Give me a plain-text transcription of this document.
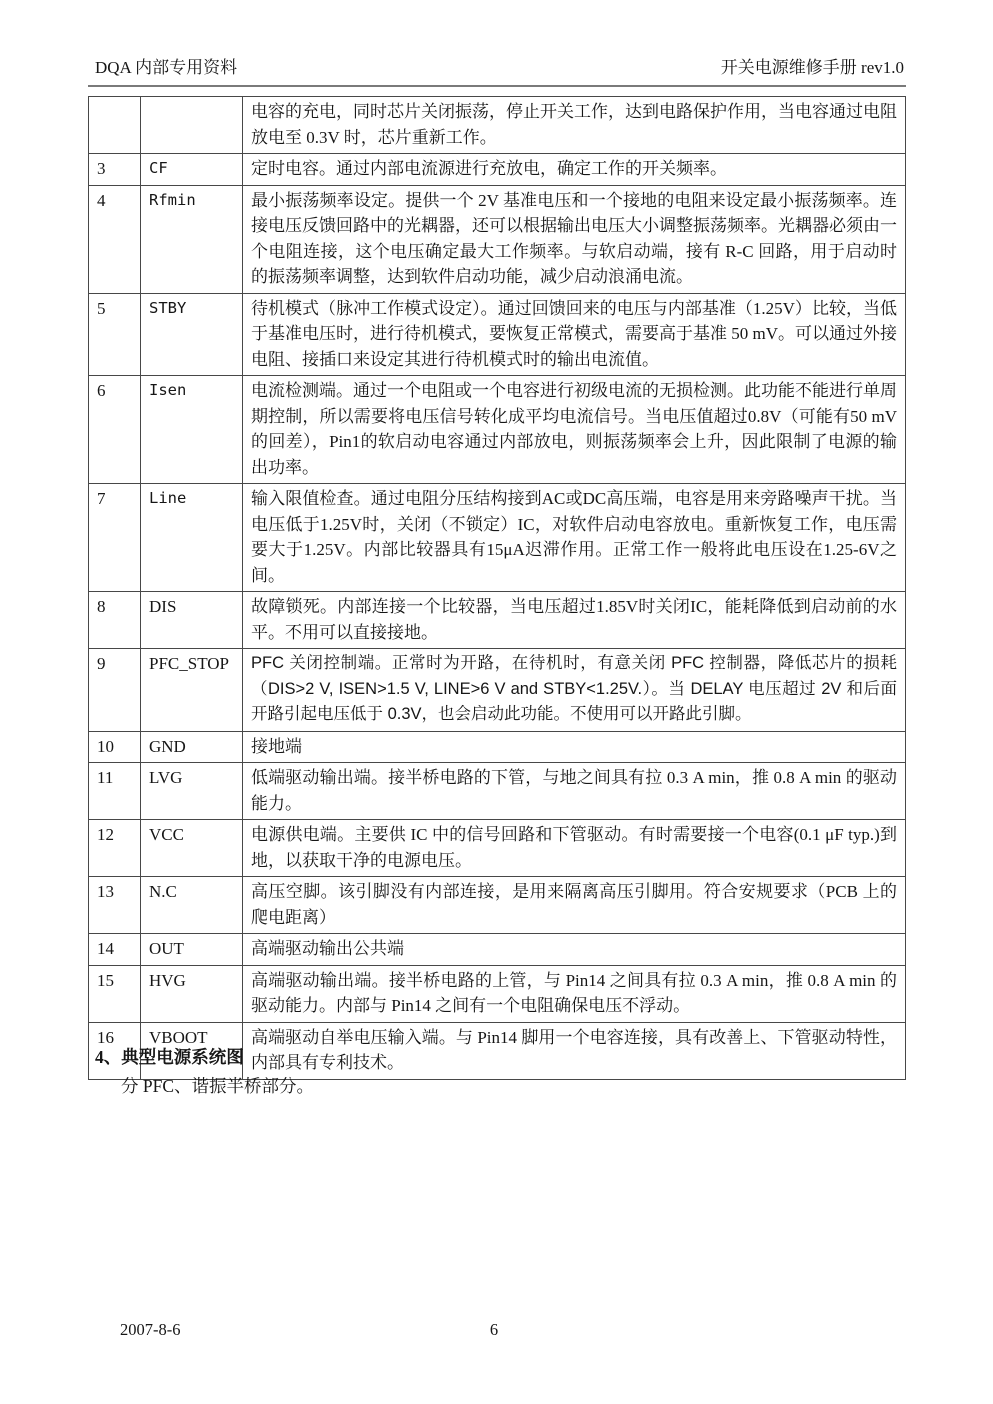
DQA 内部专用资料	开关电源维修手册 rev1.0
		电容的充电，同时芯片关闭振荡，停止开关工作，达到电路保护作用，当电容通过电阻放电至 0.3V 时，芯片重新工作。
3	CF	定时电容。通过内部电流源进行充放电，确定工作的开关频率。
4	Rfmin	最小振荡频率设定。提供一个 2V 基准电压和一个接地的电阻来设定最小振荡频率。连接电压反馈回路中的光耦器，还可以根据输出电压大小调整振荡频率。光耦器必须由一个电阻连接，这个电压确定最大工作频率。与软启动端，接有 R-C 回路，用于启动时的振荡频率调整，达到软件启动功能，减少启动浪涌电流。
5	STBY	待机模式（脉冲工作模式设定）。通过回馈回来的电压与内部基准（1.25V）比较，当低于基准电压时，进行待机模式，要恢复正常模式，需要高于基准 50 mV。可以通过外接电阻、接插口来设定其进行待机模式时的输出电流值。
6	Isen	电流检测端。通过一个电阻或一个电容进行初级电流的无损检测。此功能不能进行单周期控制，所以需要将电压信号转化成平均电流信号。当电压值超过0.8V（可能有50 mV的回差），Pin1的软启动电容通过内部放电，则振荡频率会上升，因此限制了电源的输出功率。
7	Line	输入限值检查。通过电阻分压结构接到AC或DC高压端，电容是用来旁路噪声干扰。当电压低于1.25V时，关闭（不锁定）IC，对软件启动电容放电。重新恢复工作，电压需要大于1.25V。内部比较器具有15μA迟滞作用。正常工作一般将此电压设在1.25-6V之间。
8	DIS	故障锁死。内部连接一个比较器，当电压超过1.85V时关闭IC，能耗降低到启动前的水平。不用可以直接接地。
9	PFC_STOP	PFC 关闭控制端。正常时为开路，在待机时，有意关闭 PFC 控制器，降低芯片的损耗（DIS>2 V, ISEN>1.5 V, LINE>6 V and STBY<1.25V.）。当 DELAY 电压超过 2V 和后面开路引起电压低于 0.3V，也会启动此功能。不使用可以开路此引脚。
10	GND	接地端
11	LVG	低端驱动输出端。接半桥电路的下管，与地之间具有拉 0.3 A min，推 0.8 A min 的驱动能力。
12	VCC	电源供电端。主要供 IC 中的信号回路和下管驱动。有时需要接一个电容(0.1 μF typ.)到地，以获取干净的电源电压。
13	N.C	高压空脚。该引脚没有内部连接，是用来隔离高压引脚用。符合安规要求（PCB 上的爬电距离）
14	OUT	高端驱动输出公共端
15	HVG	高端驱动输出端。接半桥电路的上管，与 Pin14 之间具有拉 0.3 A min，推 0.8 A min 的驱动能力。内部与 Pin14 之间有一个电阻确保电压不浮动。
16	VBOOT	高端驱动自举电压输入端。与 Pin14 脚用一个电容连接，具有改善上、下管驱动特性，内部具有专利技术。
4、典型电源系统图
分 PFC、谐振半桥部分。
2007-8-6	6
